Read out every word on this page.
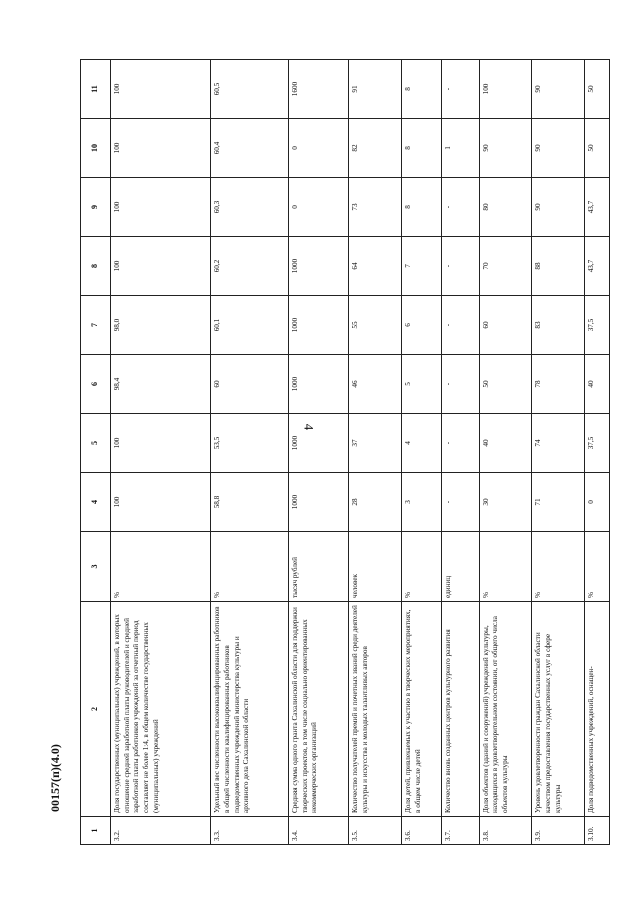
4
00157(п)(4.0)
1	2	3	4	5	6	7	8	9	10	11
3.2.	Доля государственных (муниципальных) учреждений, в которых отношение средней заработной платы руководителей и средней заработной платы работников учреждений за отчетный период составляет не более 1:4, в общем количестве государственных (муниципальных) учреждений	%	100	100	98,4	98,0	100	100	100	100
3.3.	Удельный вес численности высококвалифицированных работников в общей численности квалифицированных работников подведомственных учреждений министерства культуры и архивного дела Сахалинской области	%	58,8	53,5	60	60,1	60,2	60,3	60,4	60,5
3.4.	Средняя сумма одного гранта Сахалинской области для поддержки творческих проектов, в том числе социально ориентированных некоммерческих организаций	тысяч рублей	1000	1000	1000	1000	1000	0	0	1600
3.5.	Количество получателей премий и почетных званий среди деятелей культуры и искусства и молодых талантливых авторов	человек	28	37	46	55	64	73	82	91
3.6.	Доля детей, привлекаемых к участию в творческих мероприятиях, в общем числе детей	%	3	4	5	6	7	8	8	8
3.7.	Количество вновь созданных центров культурного развития	единиц	-	-	-	-	-	-	1	-
3.8.	Доля объектов (зданий и сооружений) учреждений культуры, находящихся в удовлетворительном состоянии, от общего числа объектов культуры	%	30	40	50	60	70	80	90	100
3.9.	Уровень удовлетворенности граждан Сахалинской области качеством предоставления государственных услуг в сфере культуры	%	71	74	78	83	88	90	90	90
3.10.	Доля подведомственных учреждений, оснащен-	%	0	37,5	40	37,5	43,7	43,7	50	50
